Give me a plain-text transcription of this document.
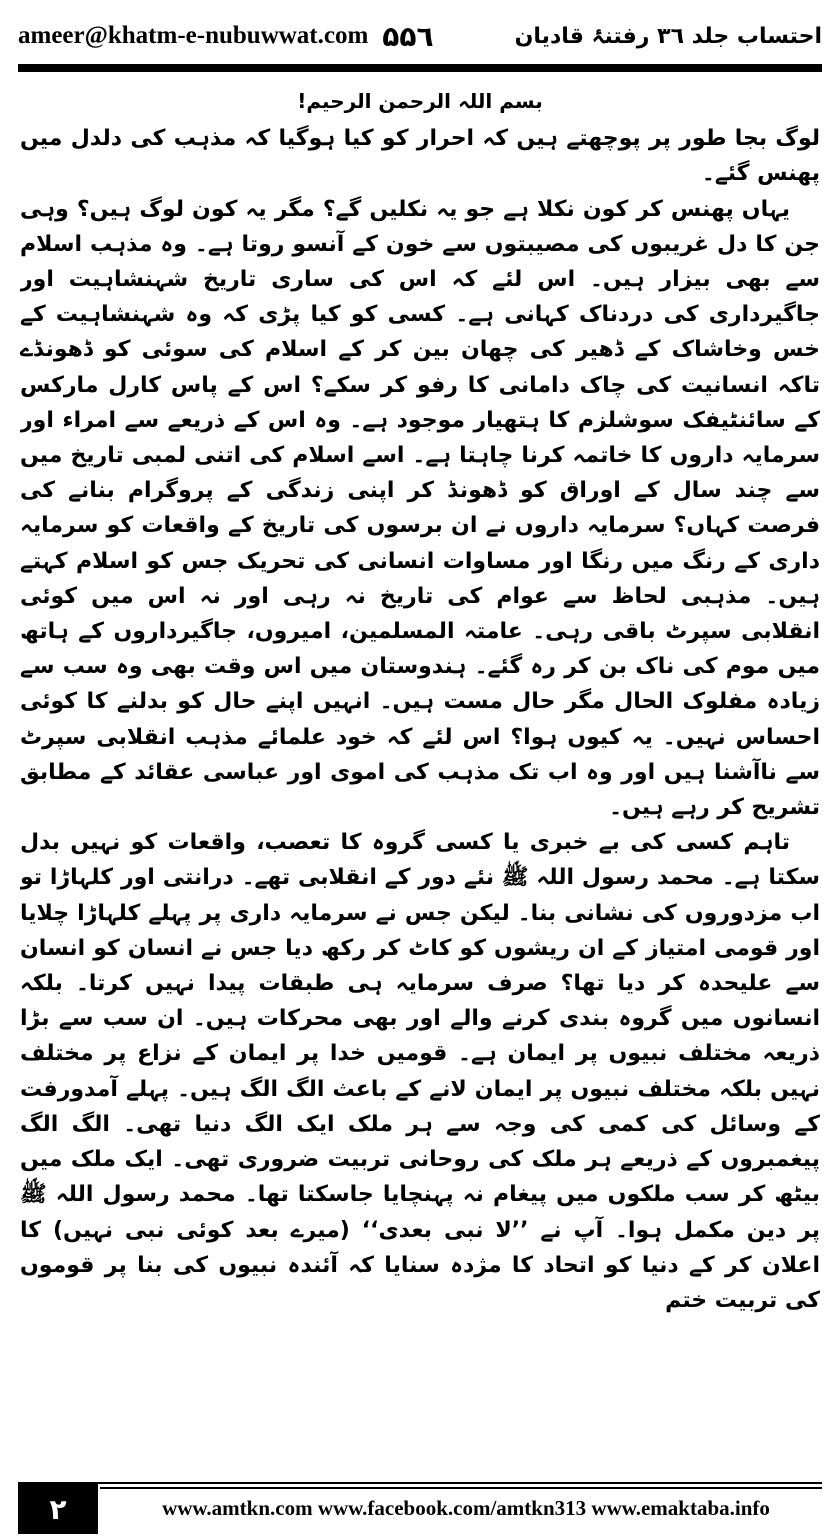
ameer@khatm-e-nubuwwat.com ۵۵٦	احتساب جلد ٣٦ رفتنۂ قادیان
بسم اللہ الرحمن الرحیم!

لوگ بجا طور پر پوچھتے ہیں کہ احرار کو کیا ہوگیا کہ مذہب کی دلدل میں پھنس گئے۔

یہاں پھنس کر کون نکلا ہے جو یہ نکلیں گے؟ مگر یہ کون لوگ ہیں؟ وہی جن کا دل غریبوں کی مصیبتوں سے خون کے آنسو روتا ہے۔ وہ مذہب اسلام سے بھی بیزار ہیں۔ اس لئے کہ اس کی ساری تاریخ شہنشاہیت اور جاگیرداری کی دردناک کہانی ہے۔ کسی کو کیا پڑی کہ وہ شہنشاہیت کے خس وخاشاک کے ڈھیر کی چھان بین کر کے اسلام کی سوئی کو ڈھونڈے تاکہ انسانیت کی چاک دامانی کا رفو کر سکے؟ اس کے پاس کارل مارکس کے سائنٹیفک سوشلزم کا ہتھیار موجود ہے۔ وہ اس کے ذریعے سے امراء اور سرمایہ داروں کا خاتمہ کرنا چاہتا ہے۔ اسے اسلام کی اتنی لمبی تاریخ میں سے چند سال کے اوراق کو ڈھونڈ کر اپنی زندگی کے پروگرام بنانے کی فرصت کہاں؟ سرمایہ داروں نے ان برسوں کی تاریخ کے واقعات کو سرمایہ داری کے رنگ میں رنگا اور مساوات انسانی کی تحریک جس کو اسلام کہتے ہیں۔ مذہبی لحاظ سے عوام کی تاریخ نہ رہی اور نہ اس میں کوئی انقلابی سپرٹ باقی رہی۔ عامتہ المسلمین، امیروں، جاگیرداروں کے ہاتھ میں موم کی ناک بن کر رہ گئے۔ ہندوستان میں اس وقت بھی وہ سب سے زیادہ مفلوک الحال مگر حال مست ہیں۔ انہیں اپنے حال کو بدلنے کا کوئی احساس نہیں۔ یہ کیوں ہوا؟ اس لئے کہ خود علمائے مذہب انقلابی سپرٹ سے ناآشنا ہیں اور وہ اب تک مذہب کی اموی اور عباسی عقائد کے مطابق تشریح کر رہے ہیں۔

تاہم کسی کی بے خبری یا کسی گروہ کا تعصب، واقعات کو نہیں بدل سکتا ہے۔ محمد رسول اللہ ﷺ نئے دور کے انقلابی تھے۔ درانتی اور کلہاڑا تو اب مزدوروں کی نشانی بنا۔ لیکن جس نے سرمایہ داری پر پہلے کلہاڑا چلایا اور قومی امتیاز کے ان ریشوں کو کاٹ کر رکھ دیا جس نے انسان کو انسان سے علیحدہ کر دیا تھا؟ صرف سرمایہ ہی طبقات پیدا نہیں کرتا۔ بلکہ انسانوں میں گروہ بندی کرنے والے اور بھی محرکات ہیں۔ ان سب سے بڑا ذریعہ مختلف نبیوں پر ایمان ہے۔ قومیں خدا پر ایمان کے نزاع پر مختلف نہیں بلکہ مختلف نبیوں پر ایمان لانے کے باعث الگ الگ ہیں۔ پہلے آمدورفت کے وسائل کی کمی کی وجہ سے ہر ملک ایک الگ دنیا تھی۔ الگ الگ پیغمبروں کے ذریعے ہر ملک کی روحانی تربیت ضروری تھی۔ ایک ملک میں بیٹھ کر سب ملکوں میں پیغام نہ پہنچایا جاسکتا تھا۔ محمد رسول اللہ ﷺ پر دین مکمل ہوا۔ آپ نے ’’لا نبی بعدی‘‘ (میرے بعد کوئی نبی نہیں) کا اعلان کر کے دنیا کو اتحاد کا مژدہ سنایا کہ آئندہ نبیوں کی بنا پر قوموں کی تربیت ختم

۲	www.amtkn.com www.facebook.com/amtkn313 www.emaktaba.info
